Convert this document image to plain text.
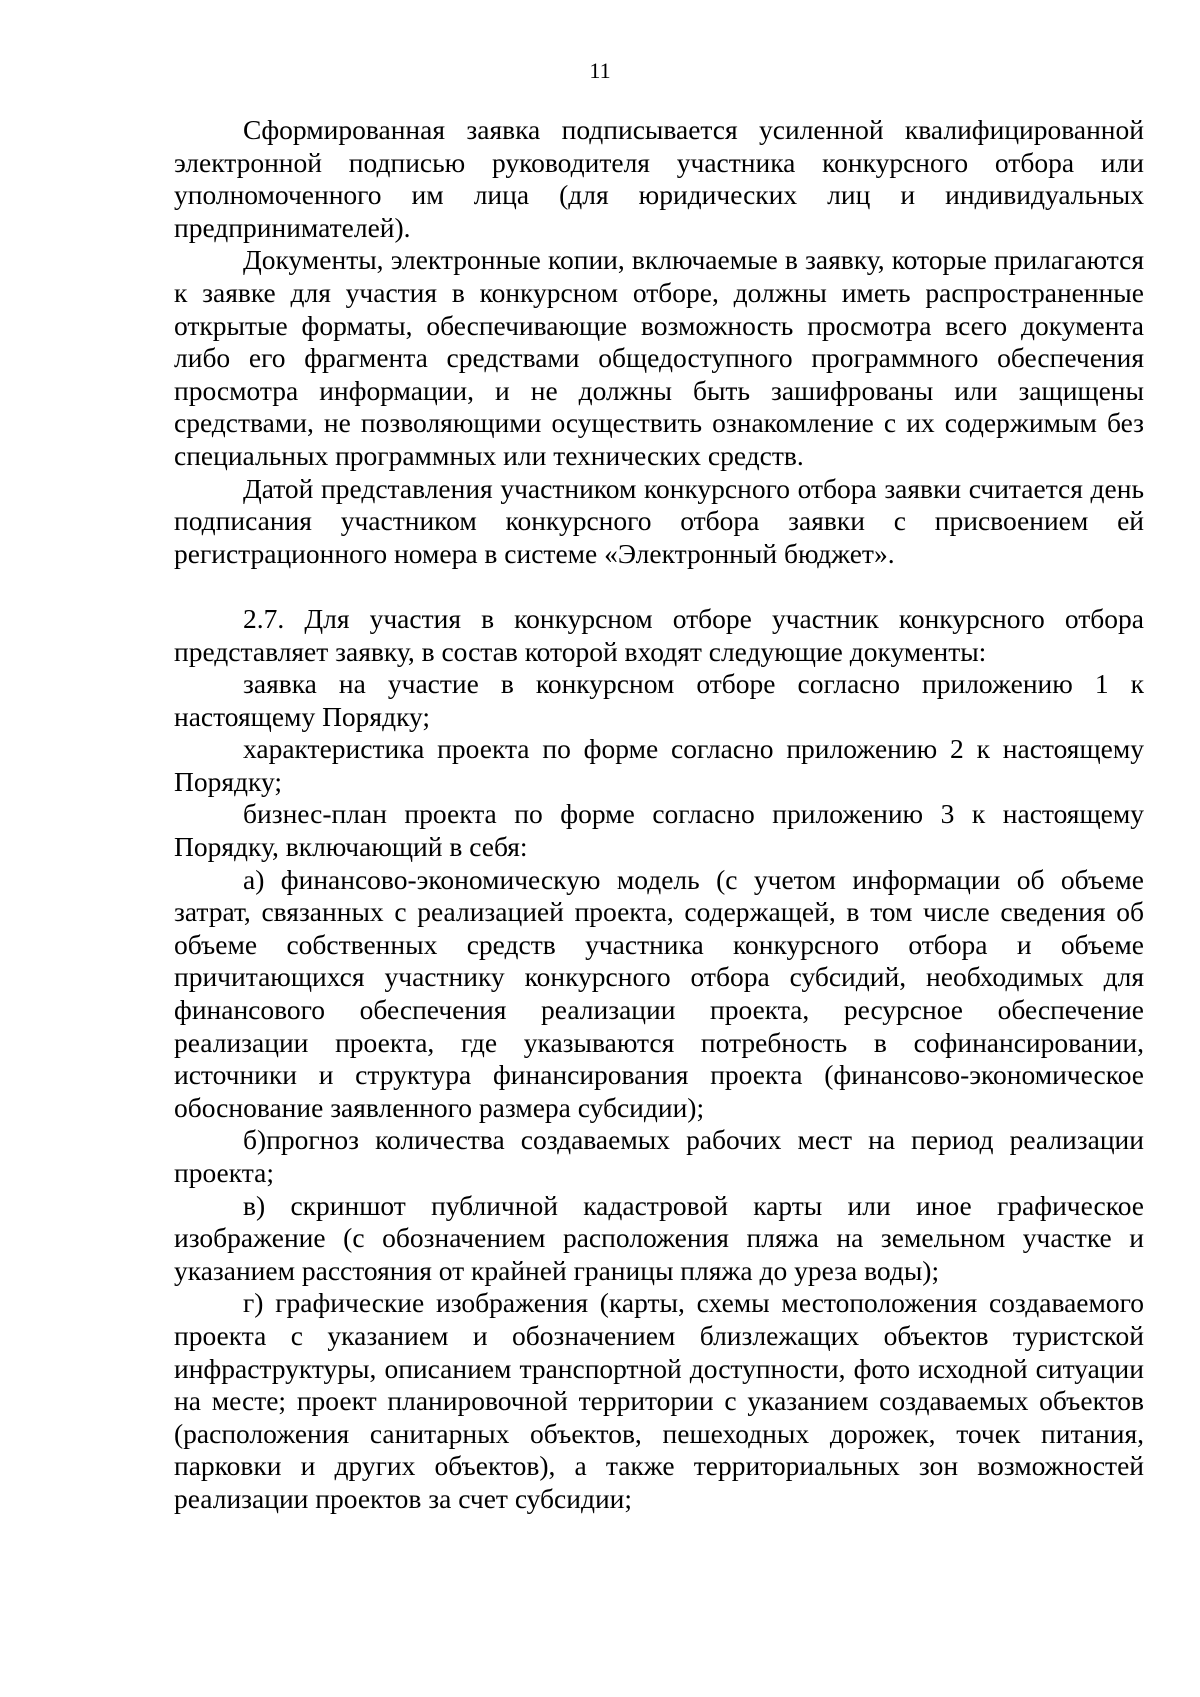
11

Сформированная заявка подписывается усиленной квалифицированной электронной подписью руководителя участника конкурсного отбора или уполномоченного им лица (для юридических лиц и индивидуальных предпринимателей).

Документы, электронные копии, включаемые в заявку, которые прилагаются к заявке для участия в конкурсном отборе, должны иметь распространенные открытые форматы, обеспечивающие возможность просмотра всего документа либо его фрагмента средствами общедоступного программного обеспечения просмотра информации, и не должны быть зашифрованы или защищены средствами, не позволяющими осуществить ознакомление с их содержимым без специальных программных или технических средств.

Датой представления участником конкурсного отбора заявки считается день подписания участником конкурсного отбора заявки с присвоением ей регистрационного номера в системе «Электронный бюджет».

2.7. Для участия в конкурсном отборе участник конкурсного отбора представляет заявку, в состав которой входят следующие документы:

заявка на участие в конкурсном отборе согласно приложению 1 к настоящему Порядку;

характеристика проекта по форме согласно приложению 2 к настоящему Порядку;

бизнес-план проекта по форме согласно приложению 3 к настоящему Порядку, включающий в себя:

а) финансово-экономическую модель (с учетом информации об объеме затрат, связанных с реализацией проекта, содержащей, в том числе сведения об объеме собственных средств участника конкурсного отбора и объеме причитающихся участнику конкурсного отбора субсидий, необходимых для финансового обеспечения реализации проекта, ресурсное обеспечение реализации проекта, где указываются потребность в софинансировании, источники и структура финансирования проекта (финансово-экономическое обоснование заявленного размера субсидии);

б)прогноз количества создаваемых рабочих мест на период реализации проекта;

в) скриншот публичной кадастровой карты или иное графическое изображение (с обозначением расположения пляжа на земельном участке и указанием расстояния от крайней границы пляжа до уреза воды);

г) графические изображения (карты, схемы местоположения создаваемого проекта с указанием и обозначением близлежащих объектов туристской инфраструктуры, описанием транспортной доступности, фото исходной ситуации на месте; проект планировочной территории с указанием создаваемых объектов (расположения санитарных объектов, пешеходных дорожек, точек питания, парковки и других объектов), а также территориальных зон возможностей реализации проектов за счет субсидии;
